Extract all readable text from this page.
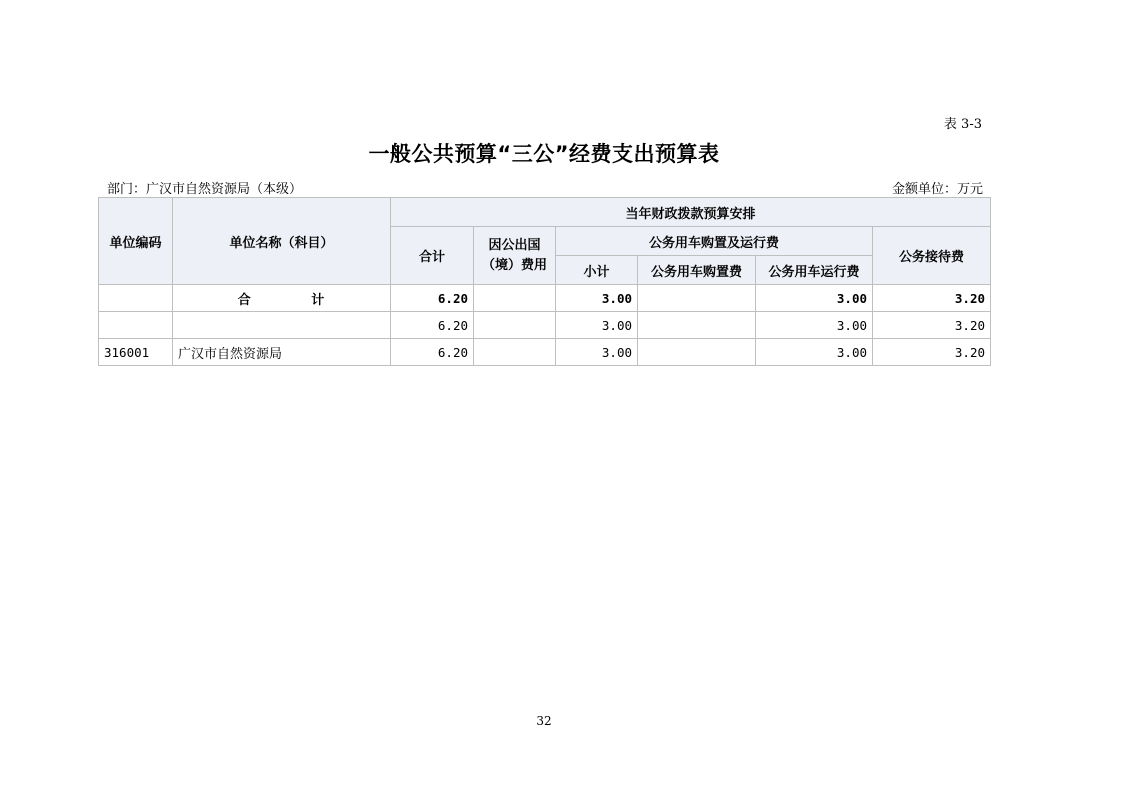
表 3-3
一般公共预算“三公”经费支出预算表
部门：广汉市自然资源局（本级）	金额单位：万元
单位编码	单位名称（科目）	当年财政拨款预算安排					
		合计	因公出国
（境）费用	公务用车购置及运行费			公务接待费
				小计	公务用车购置费	公务用车运行费	
	合 计	6.20		3.00		3.00	3.20
		6.20		3.00		3.00	3.20
316001	广汉市自然资源局	6.20		3.00		3.00	3.20
32
